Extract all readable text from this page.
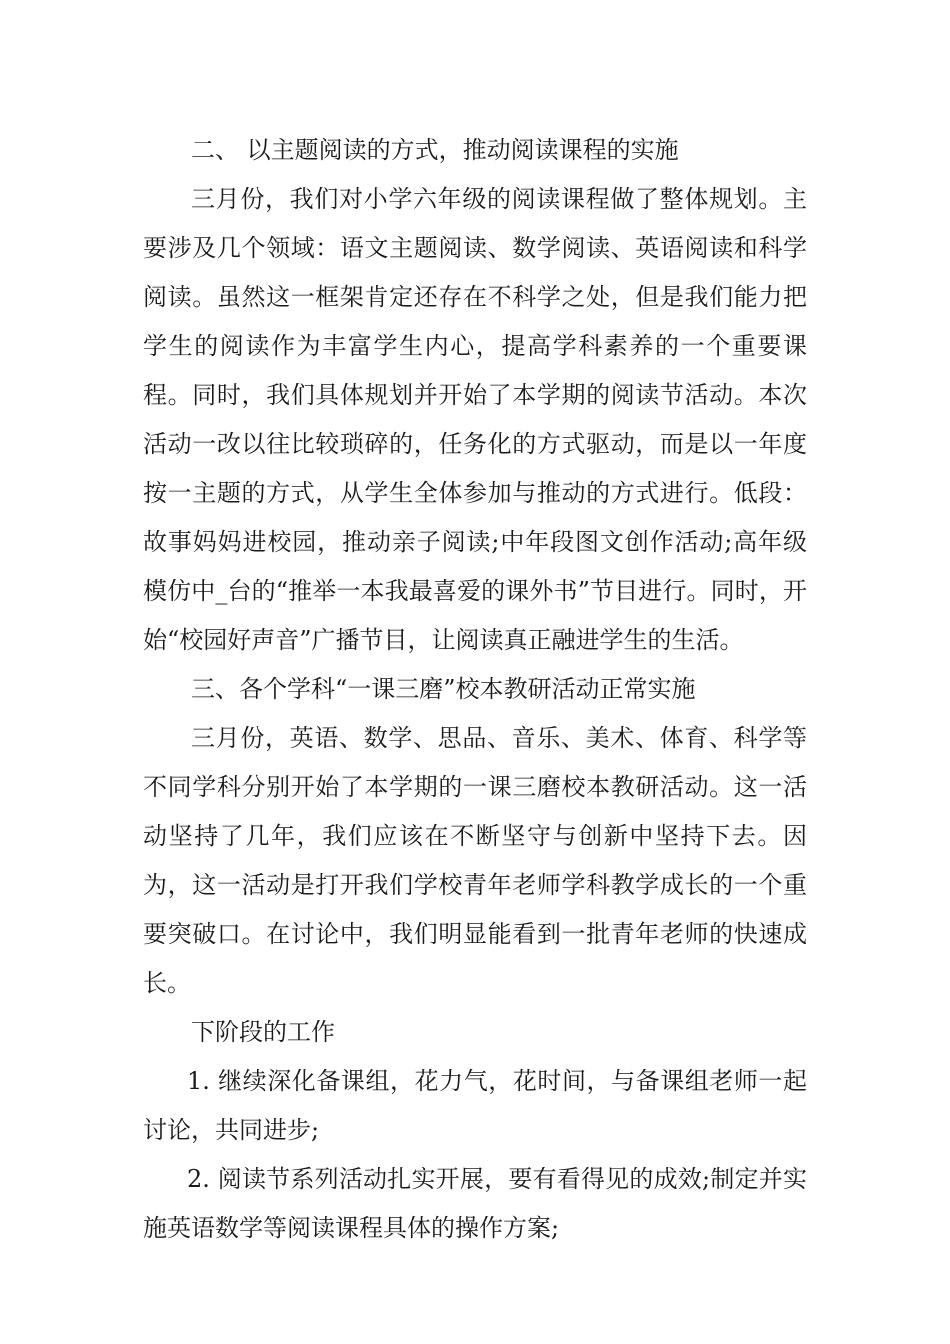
二、 以主题阅读的方式，推动阅读课程的实施

三月份，我们对小学六年级的阅读课程做了整体规划。主要涉及几个领域：语文主题阅读、数学阅读、英语阅读和科学阅读。虽然这一框架肯定还存在不科学之处，但是我们能力把学生的阅读作为丰富学生内心，提高学科素养的一个重要课程。同时，我们具体规划并开始了本学期的阅读节活动。本次活动一改以往比较琐碎的，任务化的方式驱动，而是以一年度按一主题的方式，从学生全体参加与推动的方式进行。低段：故事妈妈进校园，推动亲子阅读;中年段图文创作活动;高年级模仿中_台的“推举一本我最喜爱的课外书”节目进行。同时，开始“校园好声音”广播节目，让阅读真正融进学生的生活。

三、各个学科“一课三磨”校本教研活动正常实施

三月份，英语、数学、思品、音乐、美术、体育、科学等不同学科分别开始了本学期的一课三磨校本教研活动。这一活动坚持了几年，我们应该在不断坚守与创新中坚持下去。因为，这一活动是打开我们学校青年老师学科教学成长的一个重要突破口。在讨论中，我们明显能看到一批青年老师的快速成长。

下阶段的工作

1. 继续深化备课组，花力气，花时间，与备课组老师一起讨论，共同进步;

2. 阅读节系列活动扎实开展，要有看得见的成效;制定并实施英语数学等阅读课程具体的操作方案;
